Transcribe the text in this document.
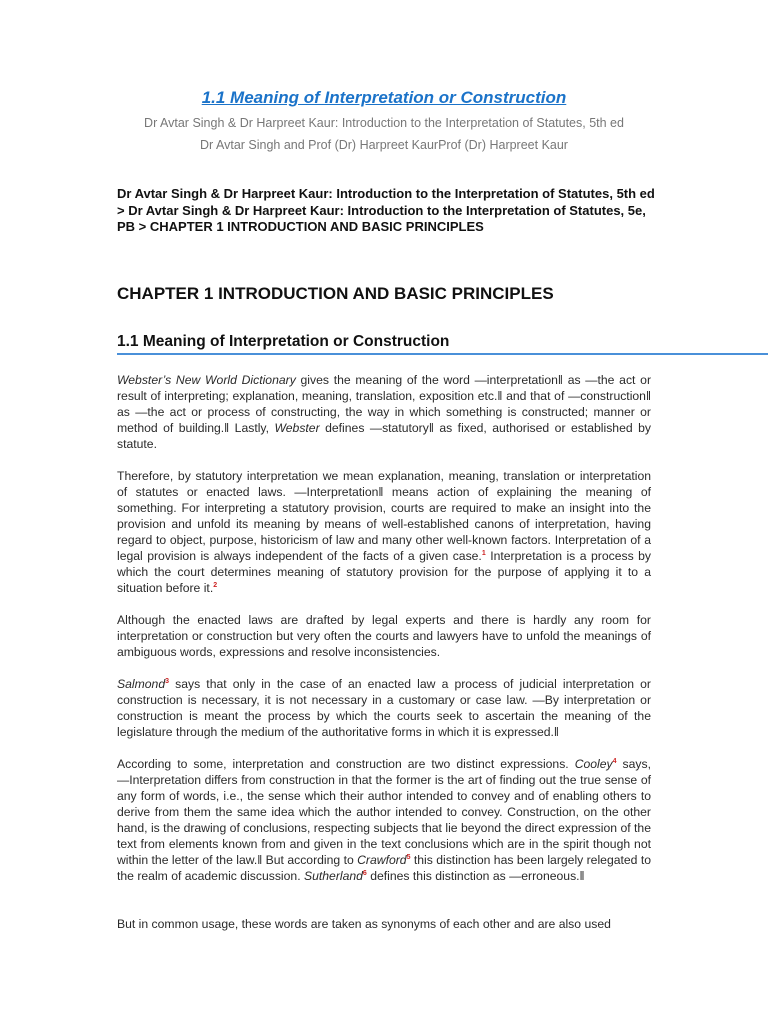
1.1 Meaning of Interpretation or Construction
Dr Avtar Singh & Dr Harpreet Kaur: Introduction to the Interpretation of Statutes, 5th ed
Dr Avtar Singh and Prof (Dr) Harpreet KaurProf (Dr) Harpreet Kaur
Dr Avtar Singh & Dr Harpreet Kaur: Introduction to the Interpretation of Statutes, 5th ed > Dr Avtar Singh & Dr Harpreet Kaur: Introduction to the Interpretation of Statutes, 5e, PB > CHAPTER 1 INTRODUCTION AND BASIC PRINCIPLES
CHAPTER 1 INTRODUCTION AND BASIC PRINCIPLES
1.1 Meaning of Interpretation or Construction
Webster’s New World Dictionary gives the meaning of the word ―interpretation‖ as ―the act or result of interpreting; explanation, meaning, translation, exposition etc.‖ and that of ―construction‖ as ―the act or process of constructing, the way in which something is constructed; manner or method of building.‖ Lastly, Webster defines ―statutory‖ as fixed, authorised or established by statute.
Therefore, by statutory interpretation we mean explanation, meaning, translation or interpretation of statutes or enacted laws. ―Interpretation‖ means action of explaining the meaning of something. For interpreting a statutory provision, courts are required to make an insight into the provision and unfold its meaning by means of well-established canons of interpretation, having regard to object, purpose, historicism of law and many other well-known factors. Interpretation of a legal provision is always independent of the facts of a given case.$^1$ Interpretation is a process by which the court determines meaning of statutory provision for the purpose of applying it to a situation before it.$^2$
Although the enacted laws are drafted by legal experts and there is hardly any room for interpretation or construction but very often the courts and lawyers have to unfold the meanings of ambiguous words, expressions and resolve inconsistencies.
Salmond$^3$ says that only in the case of an enacted law a process of judicial interpretation or construction is necessary, it is not necessary in a customary or case law. ―By interpretation or construction is meant the process by which the courts seek to ascertain the meaning of the legislature through the medium of the authoritative forms in which it is expressed.‖
According to some, interpretation and construction are two distinct expressions. Cooley$^4$ says, ―Interpretation differs from construction in that the former is the art of finding out the true sense of any form of words, i.e., the sense which their author intended to convey and of enabling others to derive from them the same idea which the author intended to convey. Construction, on the other hand, is the drawing of conclusions, respecting subjects that lie beyond the direct expression of the text from elements known from and given in the text conclusions which are in the spirit though not within the letter of the law.‖ But according to Crawford$^5$ this distinction has been largely relegated to the realm of academic discussion. Sutherland$^6$ defines this distinction as ―erroneous.‖
But in common usage, these words are taken as synonyms of each other and are also used
